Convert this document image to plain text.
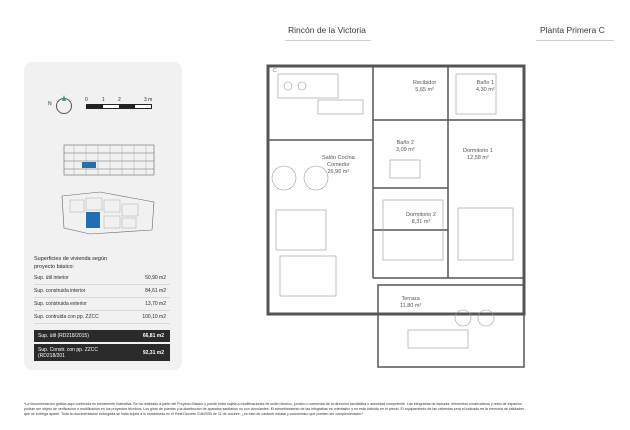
Rincón de la Victoria	Planta Primera C
N
0	1	2	3 m
Superficies de vivienda según
proyecto básico:
Sup. útil interior	50,90 m2
Sup. construida interior	84,61 m2
Sup. construida exterior	13,70 m2
Sup. contruida con pp. ZZCC	100,10 m2
Sup. útil (RD218/2015)	66,81 m2
Sup. Constr. con pp. ZZCC
(RD218/201	92,31 m2
C
Recibidor
5,65 m²
Baño 1
4,30 m²
Baño 2
3,09 m²
Salón Cocina
Comedor
26,96 m²
Dormitorio 1
12,58 m²
Dormitorio 2
8,31 m²
Terraza
11,80 m²
*La documentación gráfica aquí contenida es meramente ilustrativa. Se ha realizado a partir del Proyecto Básico y puede estar sujeta a modificaciones de orden técnico, jurídico o comercial de la dirección facultativa o autoridad competente. Las infografías de fachada, elementos constructivos y resto de espacios
podrán ser objeto de verificación o modificación en los proyectos técnicos. Los giros de puertas y la distribución de aparatos sanitarios no son vinculantes. El amueblamiento de las infografías es orientativo y no está incluido en el precio. El equipamiento de las viviendas será el indicado en la memoria de calidades
que se entrega aparte. Toda la documentación entregada se halla sujeta a lo establecido en el Real Decreto 218/2005 de 11 de octubre, ¿es esto de carácter estatal y autonómico que pueden ser complementario?
